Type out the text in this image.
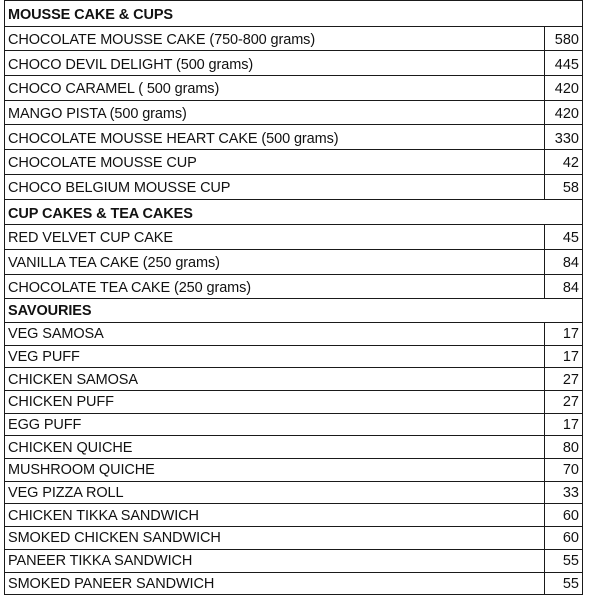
MOUSSE CAKE & CUPS
CHOCOLATE MOUSSE CAKE (750-800 grams)	580
CHOCO DEVIL DELIGHT (500 grams)	445
CHOCO CARAMEL ( 500 grams)	420
MANGO PISTA (500 grams)	420
CHOCOLATE MOUSSE HEART CAKE (500 grams)	330
CHOCOLATE MOUSSE CUP	42
CHOCO BELGIUM MOUSSE CUP	58
CUP CAKES & TEA CAKES
RED VELVET CUP CAKE	45
VANILLA TEA CAKE (250 grams)	84
CHOCOLATE TEA CAKE (250 grams)	84
SAVOURIES
VEG SAMOSA	17
VEG PUFF	17
CHICKEN SAMOSA	27
CHICKEN PUFF	27
EGG PUFF	17
CHICKEN QUICHE	80
MUSHROOM QUICHE	70
VEG PIZZA ROLL	33
CHICKEN TIKKA SANDWICH	60
SMOKED CHICKEN SANDWICH	60
PANEER TIKKA SANDWICH	55
SMOKED PANEER SANDWICH	55
